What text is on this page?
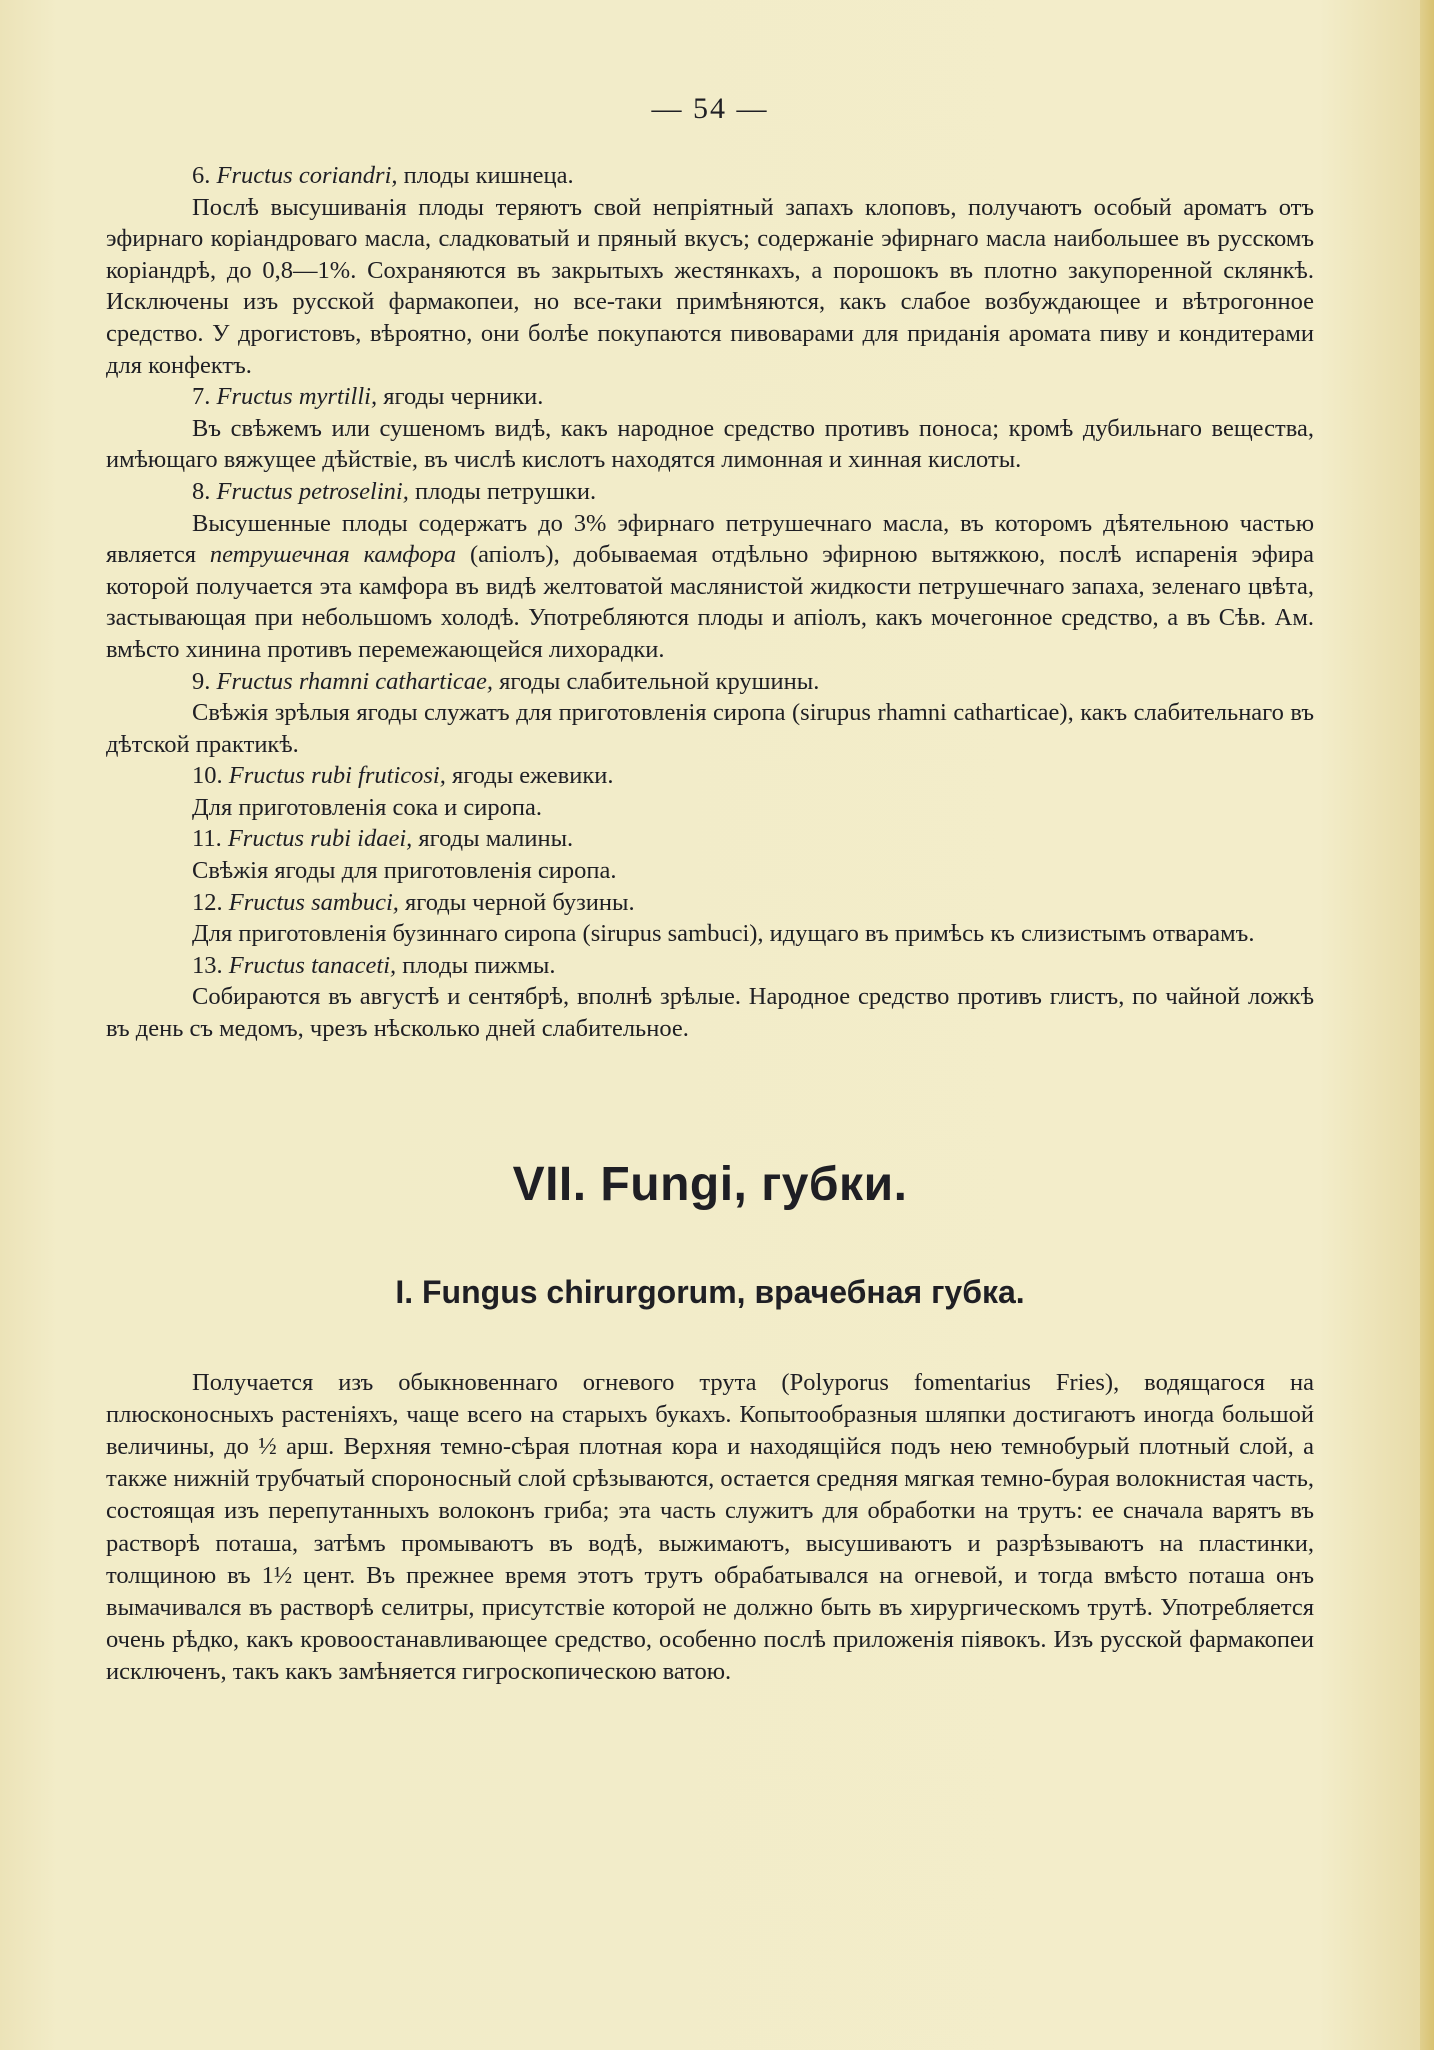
— 54 —

6. Fructus coriandri, плоды кишнеца.

Послѣ высушиванія плоды теряютъ свой непріятный запахъ клоповъ, получаютъ особый ароматъ отъ эфирнаго коріандроваго масла, сладковатый и пряный вкусъ; содержаніе эфирнаго масла наибольшее въ русскомъ коріандрѣ, до 0,8—1%. Сохраняются въ закрытыхъ жестянкахъ, а порошокъ въ плотно закупоренной склянкѣ. Исключены изъ русской фармакопеи, но все-таки примѣняются, какъ слабое возбуждающее и вѣтрогонное средство. У дрогистовъ, вѣроятно, они болѣе покупаются пивоварами для приданія аромата пиву и кондитерами для конфектъ.

7. Fructus myrtilli, ягоды черники.

Въ свѣжемъ или сушеномъ видѣ, какъ народное средство противъ поноса; кромѣ дубильнаго вещества, имѣющаго вяжущее дѣйствіе, въ числѣ кислотъ находятся лимонная и хинная кислоты.

8. Fructus petroselini, плоды петрушки.

Высушенные плоды содержатъ до 3% эфирнаго петрушечнаго масла, въ которомъ дѣятельною частью является петрушечная камфора (апіолъ), добываемая отдѣльно эфирною вытяжкою, послѣ испаренія эфира которой получается эта камфора въ видѣ желтоватой маслянистой жидкости петрушечнаго запаха, зеленаго цвѣта, застывающая при небольшомъ холодѣ. Употребляются плоды и апіолъ, какъ мочегонное средство, а въ Сѣв. Ам. вмѣсто хинина противъ перемежающейся лихорадки.

9. Fructus rhamni catharticae, ягоды слабительной крушины.

Свѣжія зрѣлыя ягоды служатъ для приготовленія сиропа (sirupus rhamni catharticae), какъ слабительнаго въ дѣтской практикѣ.

10. Fructus rubi fruticosi, ягоды ежевики.

Для приготовленія сока и сиропа.

11. Fructus rubi idaei, ягоды малины.

Свѣжія ягоды для приготовленія сиропа.

12. Fructus sambuci, ягоды черной бузины.

Для приготовленія бузиннаго сиропа (sirupus sambuci), идущаго въ примѣсь къ слизистымъ отварамъ.

13. Fructus tanaceti, плоды пижмы.

Собираются въ августѣ и сентябрѣ, вполнѣ зрѣлые. Народное средство противъ глистъ, по чайной ложкѣ въ день съ медомъ, чрезъ нѣсколько дней слабительное.

VII. Fungi, губки.
I. Fungus chirurgorum, врачебная губка.

Получается изъ обыкновеннаго огневого трута (Polyporus fomentarius Fries), водящагося на плюсконосныхъ растеніяхъ, чаще всего на старыхъ букахъ. Копытообразныя шляпки достигаютъ иногда большой величины, до ½ арш. Верхняя темно-сѣрая плотная кора и находящійся подъ нею темнобурый плотный слой, а также нижній трубчатый спороносный слой срѣзываются, остается средняя мягкая темно-бурая волокнистая часть, состоящая изъ перепутанныхъ волоконъ гриба; эта часть служитъ для обработки на трутъ: ее сначала варятъ въ растворѣ поташа, затѣмъ промываютъ въ водѣ, выжимаютъ, высушиваютъ и разрѣзываютъ на пластинки, толщиною въ 1½ цент. Въ прежнее время этотъ трутъ обрабатывался на огневой, и тогда вмѣсто поташа онъ вымачивался въ растворѣ селитры, присутствіе которой не должно быть въ хирургическомъ трутѣ. Употребляется очень рѣдко, какъ кровоостанавливающее средство, особенно послѣ приложенія піявокъ. Изъ русской фармакопеи исключенъ, такъ какъ замѣняется гигроскопическою ватою.
